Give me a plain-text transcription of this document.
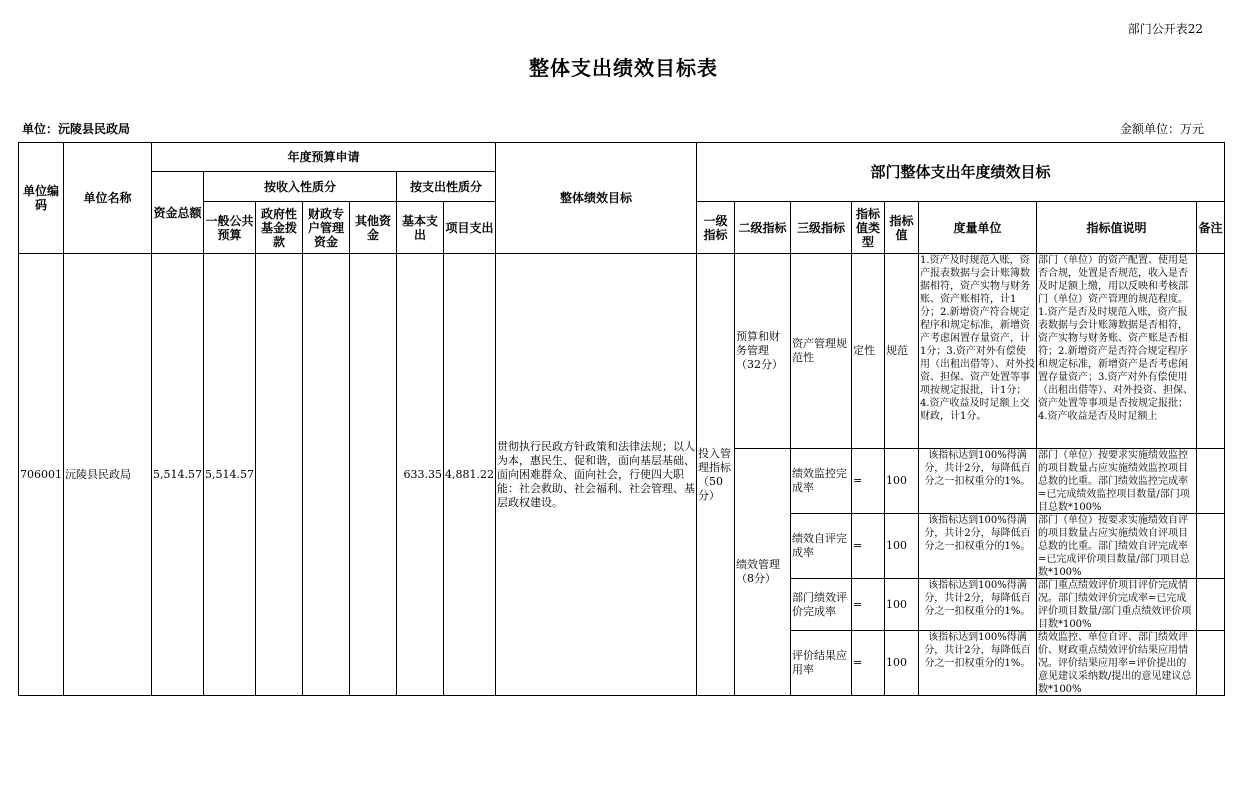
部门公开表22
整体支出绩效目标表
单位：沅陵县民政局	金额单位：万元
单位编码	单位名称	年度预算申请							整体绩效目标	部门整体支出年度绩效目标							
		资金总额	按收入性质分				按支出性质分										
			一般公共预算	政府性基金拨款	财政专户管理资金	其他资金	基本支出	项目支出		一级指标	二级指标	三级指标	指标值类型	指标值	度量单位	指标值说明	备注
706001	沅陵县民政局	5,514.57	5,514.57				633.35	4,881.22	贯彻执行民政方针政策和法律法规；以人为本，惠民生、促和谐，面向基层基础、面向困难群众、面向社会，行使四大职能：社会救助、社会福利、社会管理、基层政权建设。	投入管理指标（50分）	预算和财务管理（32分）	资产管理规范性	定性	规范	1.资产及时规范入账，资产报表数据与会计账簿数据相符，资产实物与财务账、资产账相符，计1分；2.新增资产符合规定程序和规定标准，新增资产考虑闲置存量资产，计1分；3.资产对外有偿使用（出租出借等）、对外投资、担保、资产处置等事项按规定报批，计1分；4.资产收益及时足额上交财政，计1分。	部门（单位）的资产配置、使用是否合规，处置是否规范，收入是否及时足额上缴，用以反映和考核部门（单位）资产管理的规范程度。1.资产是否及时规范入账，资产报表数据与会计账簿数据是否相符，资产实物与财务账、资产账是否相符；2.新增资产是否符合规定程序和规定标准，新增资产是否考虑闲置存量资产；3.资产对外有偿使用（出租出借等）、对外投资、担保、资产处置等事项是否按规定报批；4.资产收益是否及时足额上	

											绩效管理（8分）	绩效监控完成率	=	100	该指标达到100%得满分，共计2分，每降低百分之一扣权重分的1%。	部门（单位）按要求实施绩效监控的项目数量占应实施绩效监控项目总数的比重。部门绩效监控完成率=已完成绩效监控项目数量/部门项目总数*100%	

												绩效自评完成率	=	100	该指标达到100%得满分，共计2分，每降低百分之一扣权重分的1%。	部门（单位）按要求实施绩效自评的项目数量占应实施绩效自评项目总数的比重。部门绩效自评完成率=已完成评价项目数量/部门项目总数*100%	

												部门绩效评价完成率	=	100	该指标达到100%得满分，共计2分，每降低百分之一扣权重分的1%。	部门重点绩效评价项目评价完成情况。部门绩效评价完成率=已完成评价项目数量/部门重点绩效评价项目数*100%	

												评价结果应用率	=	100	该指标达到100%得满分，共计2分，每降低百分之一扣权重分的1%。	绩效监控、单位自评、部门绩效评价、财政重点绩效评价结果应用情况。评价结果应用率=评价提出的意见建议采纳数/提出的意见建议总数*100%	
